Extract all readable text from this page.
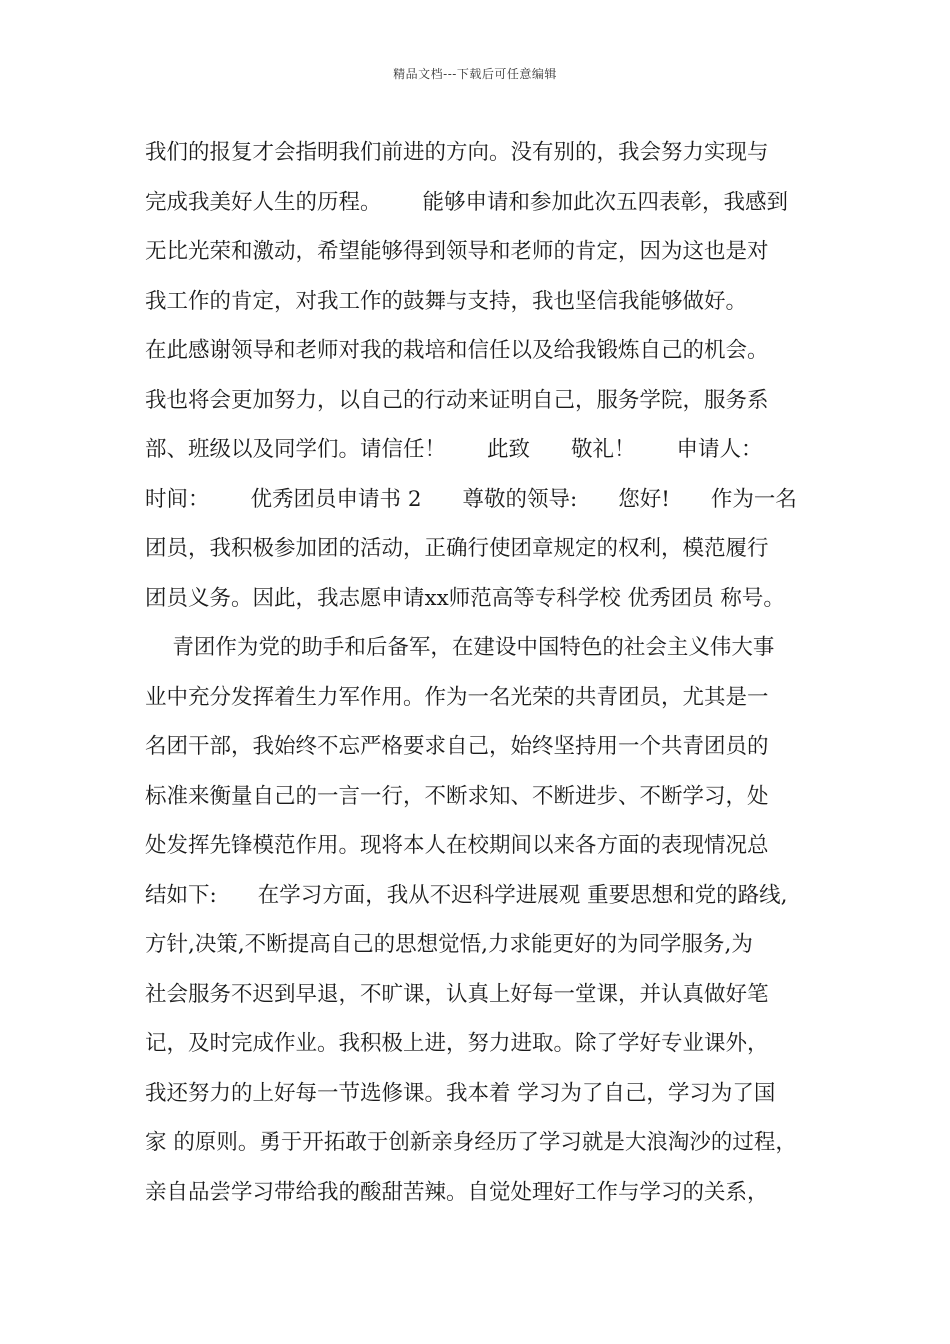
精品文档---下载后可任意编辑
我们的报复才会指明我们前进的方向。没有别的，我会努力实现与
完成我美好人生的历程。      能够申请和参加此次五四表彰，我感到
无比光荣和激动，希望能够得到领导和老师的肯定，因为这也是对
我工作的肯定，对我工作的鼓舞与支持，我也坚信我能够做好。
在此感谢领导和老师对我的栽培和信任以及给我锻炼自己的机会。
我也将会更加努力，以自己的行动来证明自己，服务学院，服务系
部、班级以及同学们。请信任！      此致      敬礼！      申请人：
时间：      优秀团员申请书 2      尊敬的领导:      您好!      作为一名
团员，我积极参加团的活动，正确行使团章规定的权利，模范履行
团员义务。因此，我志愿申请xx师范高等专科学校 优秀团员 称号。
青团作为党的助手和后备军，在建设中国特色的社会主义伟大事
业中充分发挥着生力军作用。作为一名光荣的共青团员，尤其是一
名团干部，我始终不忘严格要求自己，始终坚持用一个共青团员的
标准来衡量自己的一言一行，不断求知、不断进步、不断学习，处
处发挥先锋模范作用。现将本人在校期间以来各方面的表现情况总
结如下:      在学习方面，我从不迟科学进展观 重要思想和党的路线,
方针,决策,不断提高自己的思想觉悟,力求能更好的为同学服务,为
社会服务不迟到早退，不旷课，认真上好每一堂课，并认真做好笔
记，及时完成作业。我积极上进，努力进取。除了学好专业课外，
我还努力的上好每一节选修课。我本着 学习为了自己，学习为了国
家 的原则。勇于开拓敢于创新亲身经历了学习就是大浪淘沙的过程，
亲自品尝学习带给我的酸甜苦辣。自觉处理好工作与学习的关系，
